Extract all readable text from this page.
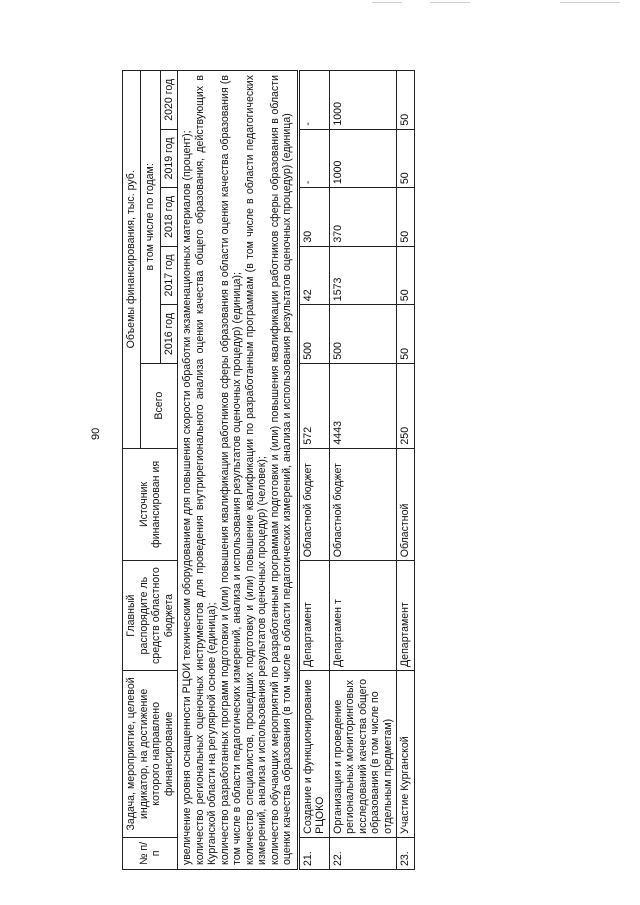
90
№ п/п	Задача, мероприятие, целевой индикатор, на достижение которого направлено финансирование	Главный распорядите ль средств областного бюджета	Источник финансирован ия	Объемы финансирования, тыс. руб.					
				Всего	в том числе по годам:				
					2016 год	2017 год	2018 год	2019 год	2020 год

увеличение уровня оснащенности РЦОИ техническим оборудованием для повышения скорости обработки экзаменационных материалов (процент); количество региональных оценочных инструментов для проведения внутрирегионального анализа оценки качества общего образования, действующих в Курганской области на регулярной основе (единица); количество разработанных программ подготовки и (или) повышения квалификации работников сферы образования в области оценки качества образования (в том числе в области педагогических измерений, анализа и использования результатов оценочных процедур) (единица); количество специалистов, прошедших подготовку и (или) повышение квалификации по разработанным программам (в том числе в области педагогических измерений, анализа и использования результатов оценочных процедур) (человек); количество обучающих мероприятий по разработанным программам подготовки и (или) повышения квалификации работников сферы образования в области оценки качества образования (в том числе в области педагогических измерений, анализа и использования результатов оценочных процедур) (единица)									

21.	Создание и функционирование РЦОКО	Департамент	Областной бюджет	572	500	42	30	-	-
22.	Организация и проведение региональных мониторинговых исследований качества общего образования (в том числе по отдельным предметам)	Департамен т	Областной бюджет	4443	500	1573	370	1000	1000
23.	Участие Курганской	Департамент	Областной	250	50	50	50	50	50
